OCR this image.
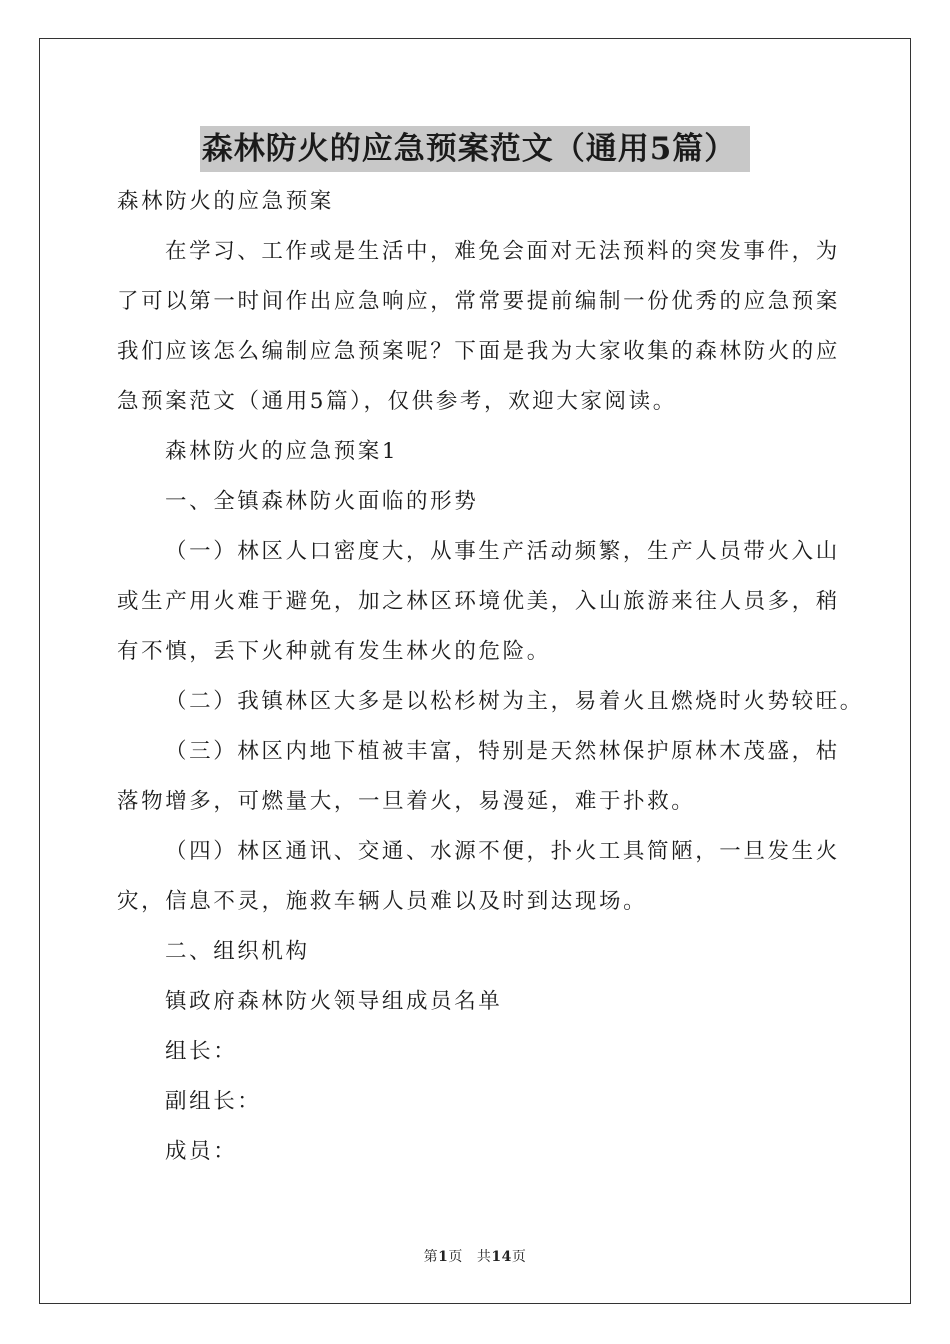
森林防火的应急预案范文（通用5篇）

森林防火的应急预案

在学习、工作或是生活中，难免会面对无法预料的突发事件，为

了可以第一时间作出应急响应，常常要提前编制一份优秀的应急预案

我们应该怎么编制应急预案呢？下面是我为大家收集的森林防火的应

急预案范文（通用5篇），仅供参考，欢迎大家阅读。

森林防火的应急预案1

一、全镇森林防火面临的形势

（一）林区人口密度大，从事生产活动频繁，生产人员带火入山

或生产用火难于避免，加之林区环境优美，入山旅游来往人员多，稍

有不慎，丢下火种就有发生林火的危险。

（二）我镇林区大多是以松杉树为主，易着火且燃烧时火势较旺。

（三）林区内地下植被丰富，特别是天然林保护原林木茂盛，枯

落物增多，可燃量大，一旦着火，易漫延，难于扑救。

（四）林区通讯、交通、水源不便，扑火工具简陋，一旦发生火

灾，信息不灵，施救车辆人员难以及时到达现场。

二、组织机构

镇政府森林防火领导组成员名单

组长：

副组长：

成员：

第1页 共14页
